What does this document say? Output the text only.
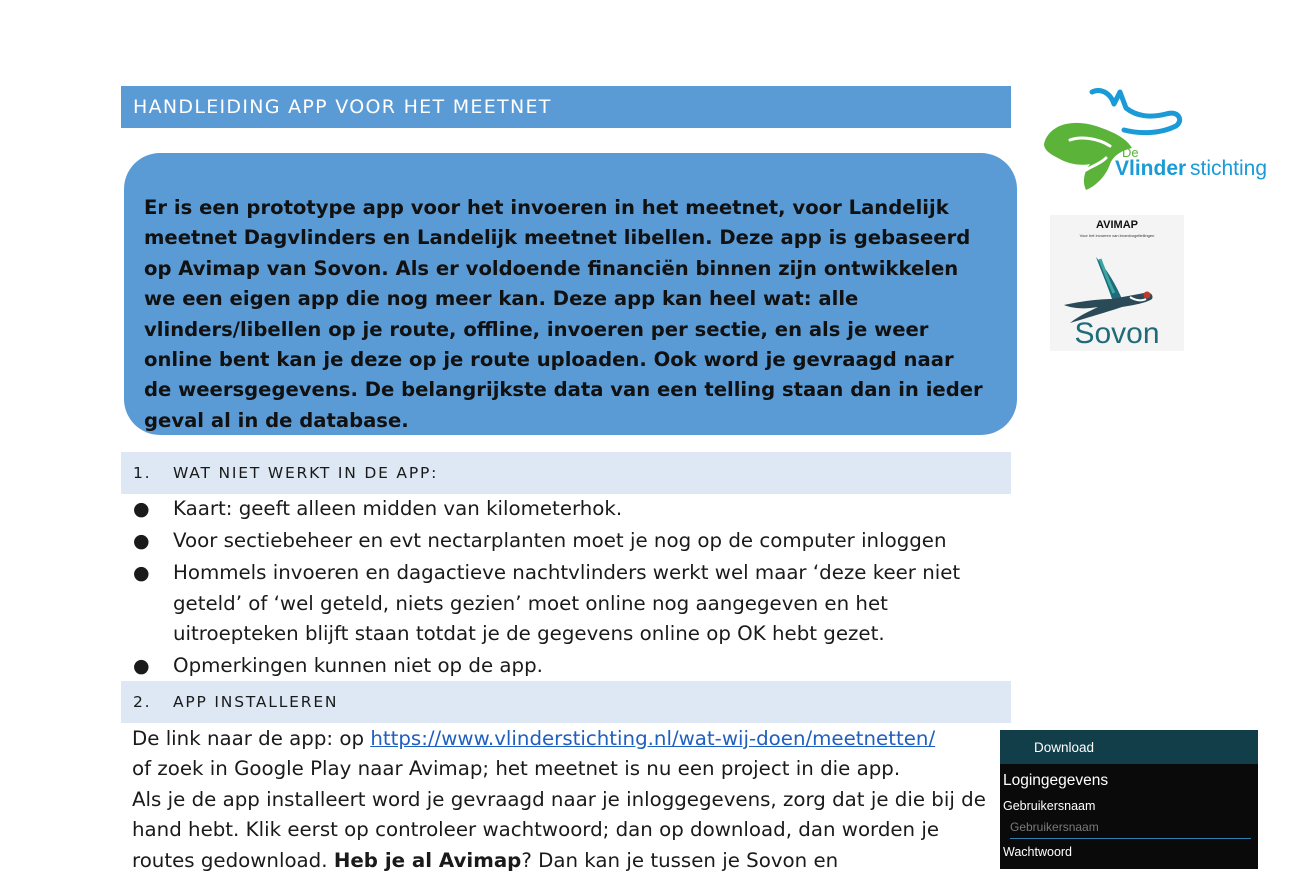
HANDLEIDING APP VOOR HET MEETNET
Er is een prototype app voor het invoeren in het meetnet, voor Landelijk meetnet Dagvlinders en Landelijk meetnet libellen. Deze app is gebaseerd op Avimap van Sovon. Als er voldoende financiën binnen zijn ontwikkelen we een eigen app die nog meer kan. Deze app kan heel wat: alle vlinders/libellen op je route, offline, invoeren per sectie, en als je weer online bent kan je deze op je route uploaden. Ook word je gevraagd naar de weersgegevens. De belangrijkste data van een telling staan dan in ieder geval al in de database.
1. WAT NIET WERKT IN DE APP:
● Kaart: geeft alleen midden van kilometerhok.
● Voor sectiebeheer en evt nectarplanten moet je nog op de computer inloggen
● Hommels invoeren en dagactieve nachtvlinders werkt wel maar ‘deze keer niet geteld’ of ‘wel geteld, niets gezien’ moet online nog aangegeven en het uitroepteken blijft staan totdat je de gegevens online op OK hebt gezet.
● Opmerkingen kunnen niet op de app.
2. APP INSTALLEREN

De link naar de app: op https://www.vlinderstichting.nl/wat-wij-doen/meetnetten/

of zoek in Google Play naar Avimap; het meetnet is nu een project in die app.

Als je de app installeert word je gevraagd naar je inloggegevens, zorg dat je die bij de hand hebt. Klik eerst op controleer wachtwoord; dan op download, dan worden je routes gedownload. Heb je al Avimap? Dan kan je tussen je Sovon en

De
Vlinder stichting
AVIMAP
Voor het invoeren van broedvogeltellingen
Sovon
Download
Logingegevens
Gebruikersnaam
Gebruikersnaam
Wachtwoord
